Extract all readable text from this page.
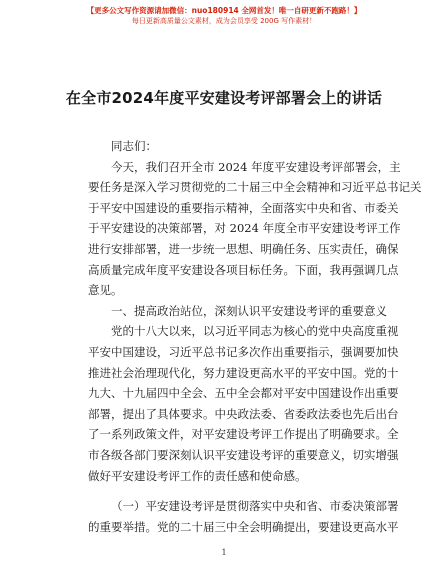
【更多公文写作资源请加微信：nuo180914 全网首发！唯一自研更新不跑路！】
每日更新高质量公文素材，成为会员享受 200G 写作素材！
在全市2024年度平安建设考评部署会上的讲话
同志们：
今天，我们召开全市 2024 年度平安建设考评部署会，主
要任务是深入学习贯彻党的二十届三中全会精神和习近平总书记关
于平安中国建设的重要指示精神，全面落实中央和省、市委关
于平安建设的决策部署，对 2024 年度全市平安建设考评工作
进行安排部署，进一步统一思想、明确任务、压实责任，确保
高质量完成年度平安建设各项目标任务。下面，我再强调几点
意见。
一、提高政治站位，深刻认识平安建设考评的重要意义
党的十八大以来，以习近平同志为核心的党中央高度重视
平安中国建设，习近平总书记多次作出重要指示，强调要加快
推进社会治理现代化，努力建设更高水平的平安中国。党的十
九大、十九届四中全会、五中全会都对平安中国建设作出重要
部署，提出了具体要求。中央政法委、省委政法委也先后出台
了一系列政策文件，对平安建设考评工作提出了明确要求。全
市各级各部门要深刻认识平安建设考评的重要意义，切实增强
做好平安建设考评工作的责任感和使命感。
（一）平安建设考评是贯彻落实中央和省、市委决策部署
的重要举措。党的二十届三中全会明确提出，要建设更高水平
1
